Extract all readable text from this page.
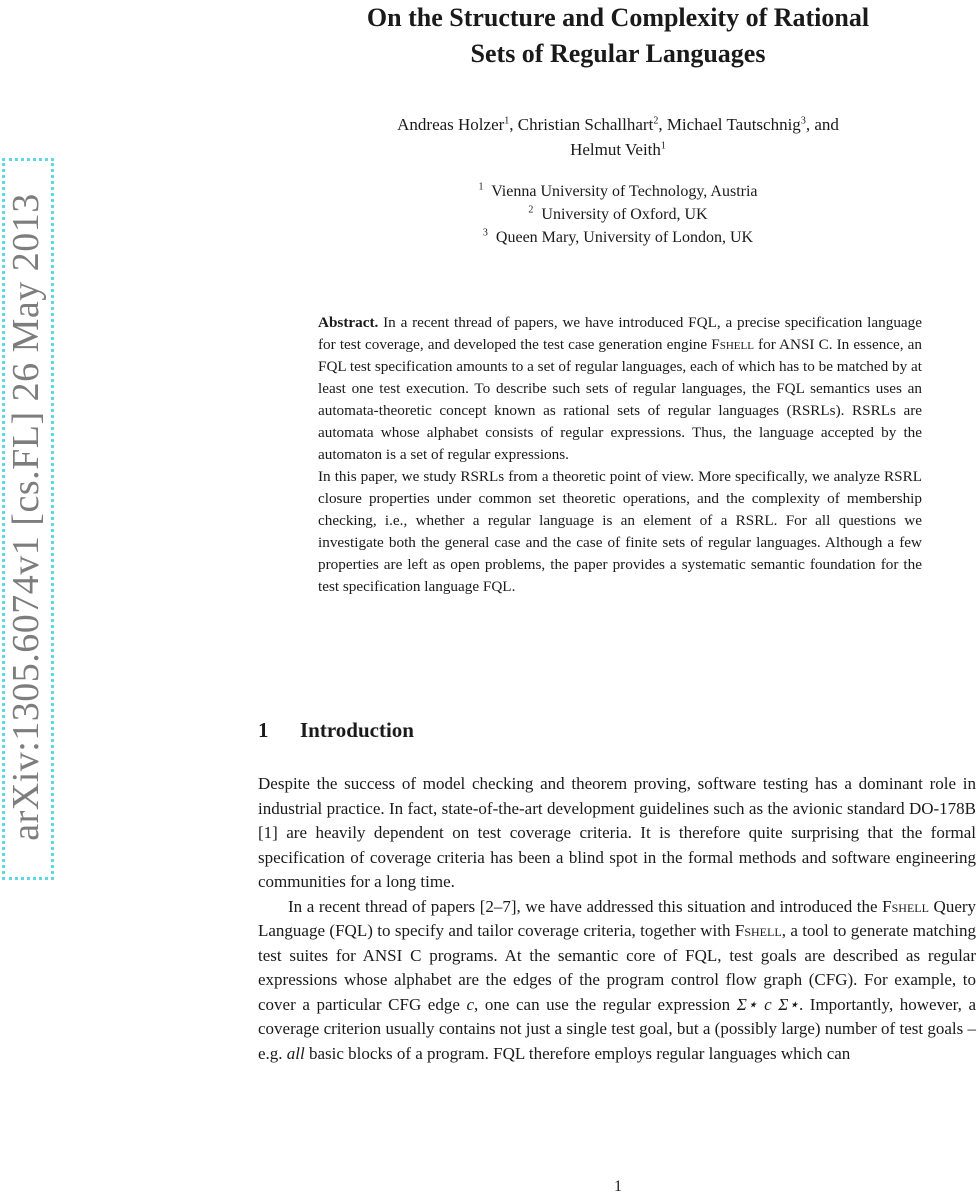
arXiv:1305.6074v1 [cs.FL] 26 May 2013
On the Structure and Complexity of Rational
Sets of Regular Languages
Andreas Holzer$^1$, Christian Schallhart$^2$, Michael Tautschnig$^3$, and
Helmut Veith$^1$
$^1$ Vienna University of Technology, Austria
$^2$ University of Oxford, UK
$^3$ Queen Mary, University of London, UK

Abstract. In a recent thread of papers, we have introduced FQL, a precise specification language for test coverage, and developed the test case generation engine Fshell for ANSI C. In essence, an FQL test specification amounts to a set of regular languages, each of which has to be matched by at least one test execution. To describe such sets of regular languages, the FQL semantics uses an automata-theoretic concept known as rational sets of regular languages (RSRLs). RSRLs are automata whose alphabet consists of regular expressions. Thus, the language accepted by the automaton is a set of regular expressions.

In this paper, we study RSRLs from a theoretic point of view. More specifically, we analyze RSRL closure properties under common set theoretic operations, and the complexity of membership checking, i.e., whether a regular language is an element of a RSRL. For all questions we investigate both the general case and the case of finite sets of regular languages. Although a few properties are left as open problems, the paper provides a systematic semantic foundation for the test specification language FQL.

1 Introduction

Despite the success of model checking and theorem proving, software testing has a dominant role in industrial practice. In fact, state-of-the-art development guidelines such as the avionic standard DO-178B [1] are heavily dependent on test coverage criteria. It is therefore quite surprising that the formal specification of coverage criteria has been a blind spot in the formal methods and software engineering communities for a long time.

In a recent thread of papers [2–7], we have addressed this situation and introduced the Fshell Query Language (FQL) to specify and tailor coverage criteria, together with Fshell, a tool to generate matching test suites for ANSI C programs. At the semantic core of FQL, test goals are described as regular expressions whose alphabet are the edges of the program control flow graph (CFG). For example, to cover a particular CFG edge c, one can use the regular expression Σ⋆ c Σ⋆. Importantly, however, a coverage criterion usually contains not just a single test goal, but a (possibly large) number of test goals – e.g. all basic blocks of a program. FQL therefore employs regular languages which can

1
